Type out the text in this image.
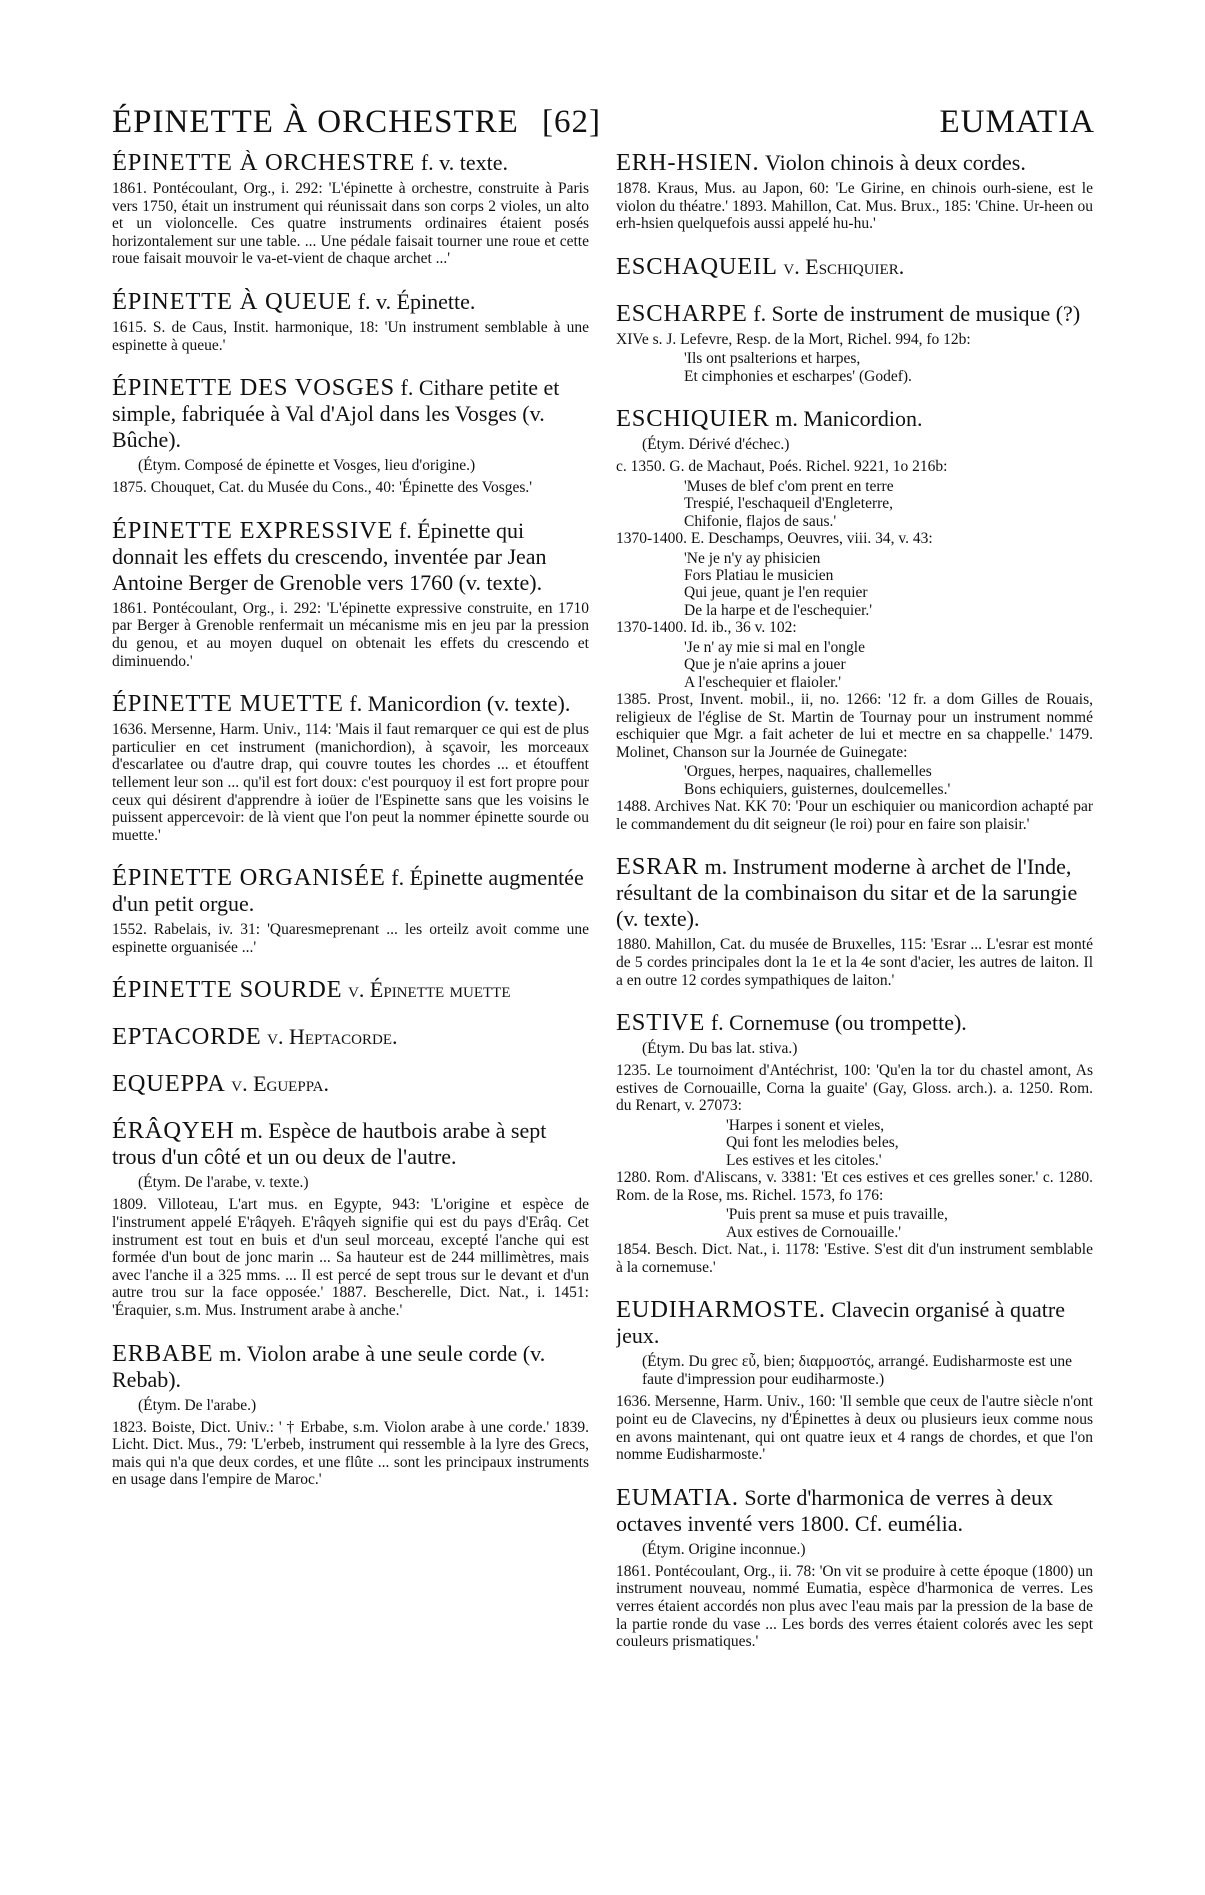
ÉPINETTE À ORCHESTRE [62]	EUMATIA
ÉPINETTE À ORCHESTRE f. v. texte.
1861. Pontécoulant, Org., i. 292: 'L'épinette à orchestre, construite à Paris vers 1750, était un instrument qui réunissait dans son corps 2 violes, un alto et un violoncelle. Ces quatre instruments ordinaires étaient posés horizontalement sur une table. ... Une pédale faisait tourner une roue et cette roue faisait mouvoir le va-et-vient de chaque archet ...'
ÉPINETTE À QUEUE f. v. Épinette.
1615. S. de Caus, Instit. harmonique, 18: 'Un instrument semblable à une espinette à queue.'
ÉPINETTE DES VOSGES f. Cithare petite et simple, fabriquée à Val d'Ajol dans les Vosges (v. Bûche).
(Étym. Composé de épinette et Vosges, lieu d'origine.)
1875. Chouquet, Cat. du Musée du Cons., 40: 'Épinette des Vosges.'
ÉPINETTE EXPRESSIVE f. Épinette qui donnait les effets du crescendo, inventée par Jean Antoine Berger de Grenoble vers 1760 (v. texte).
1861. Pontécoulant, Org., i. 292: 'L'épinette expressive construite, en 1710 par Berger à Grenoble renfermait un mécanisme mis en jeu par la pression du genou, et au moyen duquel on obtenait les effets du crescendo et diminuendo.'
ÉPINETTE MUETTE f. Manicordion (v. texte).
1636. Mersenne, Harm. Univ., 114: 'Mais il faut remarquer ce qui est de plus particulier en cet instrument (manichordion), à sçavoir, les morceaux d'escarlatee ou d'autre drap, qui couvre toutes les chordes ... et étouffent tellement leur son ... qu'il est fort doux: c'est pourquoy il est fort propre pour ceux qui désirent d'apprendre à ioüer de l'Espinette sans que les voisins le puissent appercevoir: de là vient que l'on peut la nommer épinette sourde ou muette.'
ÉPINETTE ORGANISÉE f. Épinette augmentée d'un petit orgue.
1552. Rabelais, iv. 31: 'Quaresmeprenant ... les orteilz avoit comme une espinette orguanisée ...'
ÉPINETTE SOURDE v. Épinette muette
EPTACORDE v. Heptacorde.
EQUEPPA v. Egueppa.
ÉRÂQYEH m. Espèce de hautbois arabe à sept trous d'un côté et un ou deux de l'autre.
(Étym. De l'arabe, v. texte.)
1809. Villoteau, L'art mus. en Egypte, 943: 'L'origine et espèce de l'instrument appelé E'râqyeh. E'râqyeh signifie qui est du pays d'Erâq. Cet instrument est tout en buis et d'un seul morceau, excepté l'anche qui est formée d'un bout de jonc marin ... Sa hauteur est de 244 millimètres, mais avec l'anche il a 325 mms. ... Il est percé de sept trous sur le devant et d'un autre trou sur la face opposée.' 1887. Bescherelle, Dict. Nat., i. 1451: 'Éraquier, s.m. Mus. Instrument arabe à anche.'
ERBABE m. Violon arabe à une seule corde (v. Rebab).
(Étym. De l'arabe.)
1823. Boiste, Dict. Univ.: ' † Erbabe, s.m. Violon arabe à une corde.' 1839. Licht. Dict. Mus., 79: 'L'erbeb, instrument qui ressemble à la lyre des Grecs, mais qui n'a que deux cordes, et une flûte ... sont les principaux instruments en usage dans l'empire de Maroc.'
ERH-HSIEN. Violon chinois à deux cordes.
1878. Kraus, Mus. au Japon, 60: 'Le Girine, en chinois ourh-siene, est le violon du théatre.' 1893. Mahillon, Cat. Mus. Brux., 185: 'Chine. Ur-heen ou erh-hsien quelquefois aussi appelé hu-hu.'
ESCHAQUEIL v. Eschiquier.
ESCHARPE f. Sorte de instrument de musique (?)
XIVe s. J. Lefevre, Resp. de la Mort, Richel. 994, fo 12b:
'Ils ont psalterions et harpes,
Et cimphonies et escharpes' (Godef).
ESCHIQUIER m. Manicordion.
(Étym. Dérivé d'échec.)
c. 1350. G. de Machaut, Poés. Richel. 9221, 1o 216b:
'Muses de blef c'om prent en terre
Trespié, l'eschaqueil d'Engleterre,
Chifonie, flajos de saus.'
1370-1400. E. Deschamps, Oeuvres, viii. 34, v. 43:
'Ne je n'y ay phisicien
Fors Platiau le musicien
Qui jeue, quant je l'en requier
De la harpe et de l'eschequier.'
1370-1400. Id. ib., 36 v. 102:
'Je n' ay mie si mal en l'ongle
Que je n'aie aprins a jouer
A l'eschequier et flaioler.'
1385. Prost, Invent. mobil., ii, no. 1266: '12 fr. a dom Gilles de Rouais, religieux de l'église de St. Martin de Tournay pour un instrument nommé eschiquier que Mgr. a fait acheter de lui et mectre en sa chappelle.' 1479. Molinet, Chanson sur la Journée de Guinegate:
'Orgues, herpes, naquaires, challemelles
Bons echiquiers, guisternes, doulcemelles.'
1488. Archives Nat. KK 70: 'Pour un eschiquier ou manicordion achapté par le commandement du dit seigneur (le roi) pour en faire son plaisir.'
ESRAR m. Instrument moderne à archet de l'Inde, résultant de la combinaison du sitar et de la sarungie (v. texte).
1880. Mahillon, Cat. du musée de Bruxelles, 115: 'Esrar ... L'esrar est monté de 5 cordes principales dont la 1e et la 4e sont d'acier, les autres de laiton. Il a en outre 12 cordes sympathiques de laiton.'
ESTIVE f. Cornemuse (ou trompette).
(Étym. Du bas lat. stiva.)
1235. Le tournoiment d'Antéchrist, 100: 'Qu'en la tor du chastel amont, As estives de Cornouaille, Corna la guaite' (Gay, Gloss. arch.). a. 1250. Rom. du Renart, v. 27073:
'Harpes i sonent et vieles,
Qui font les melodies beles,
Les estives et les citoles.'
1280. Rom. d'Aliscans, v. 3381: 'Et ces estives et ces grelles soner.' c. 1280. Rom. de la Rose, ms. Richel. 1573, fo 176:
'Puis prent sa muse et puis travaille,
Aux estives de Cornouaille.'
1854. Besch. Dict. Nat., i. 1178: 'Estive. S'est dit d'un instrument semblable à la cornemuse.'
EUDIHARMOSTE. Clavecin organisé à quatre jeux.
(Étym. Du grec εὖ, bien; διαρμοστός, arrangé. Eudisharmoste est une faute d'impression pour eudiharmoste.)
1636. Mersenne, Harm. Univ., 160: 'Il semble que ceux de l'autre siècle n'ont point eu de Clavecins, ny d'Épinettes à deux ou plusieurs ieux comme nous en avons maintenant, qui ont quatre ieux et 4 rangs de chordes, et que l'on nomme Eudisharmoste.'
EUMATIA. Sorte d'harmonica de verres à deux octaves inventé vers 1800. Cf. eumélia.
(Étym. Origine inconnue.)
1861. Pontécoulant, Org., ii. 78: 'On vit se produire à cette époque (1800) un instrument nouveau, nommé Eumatia, espèce d'harmonica de verres. Les verres étaient accordés non plus avec l'eau mais par la pression de la base de la partie ronde du vase ... Les bords des verres étaient colorés avec les sept couleurs prismatiques.'
